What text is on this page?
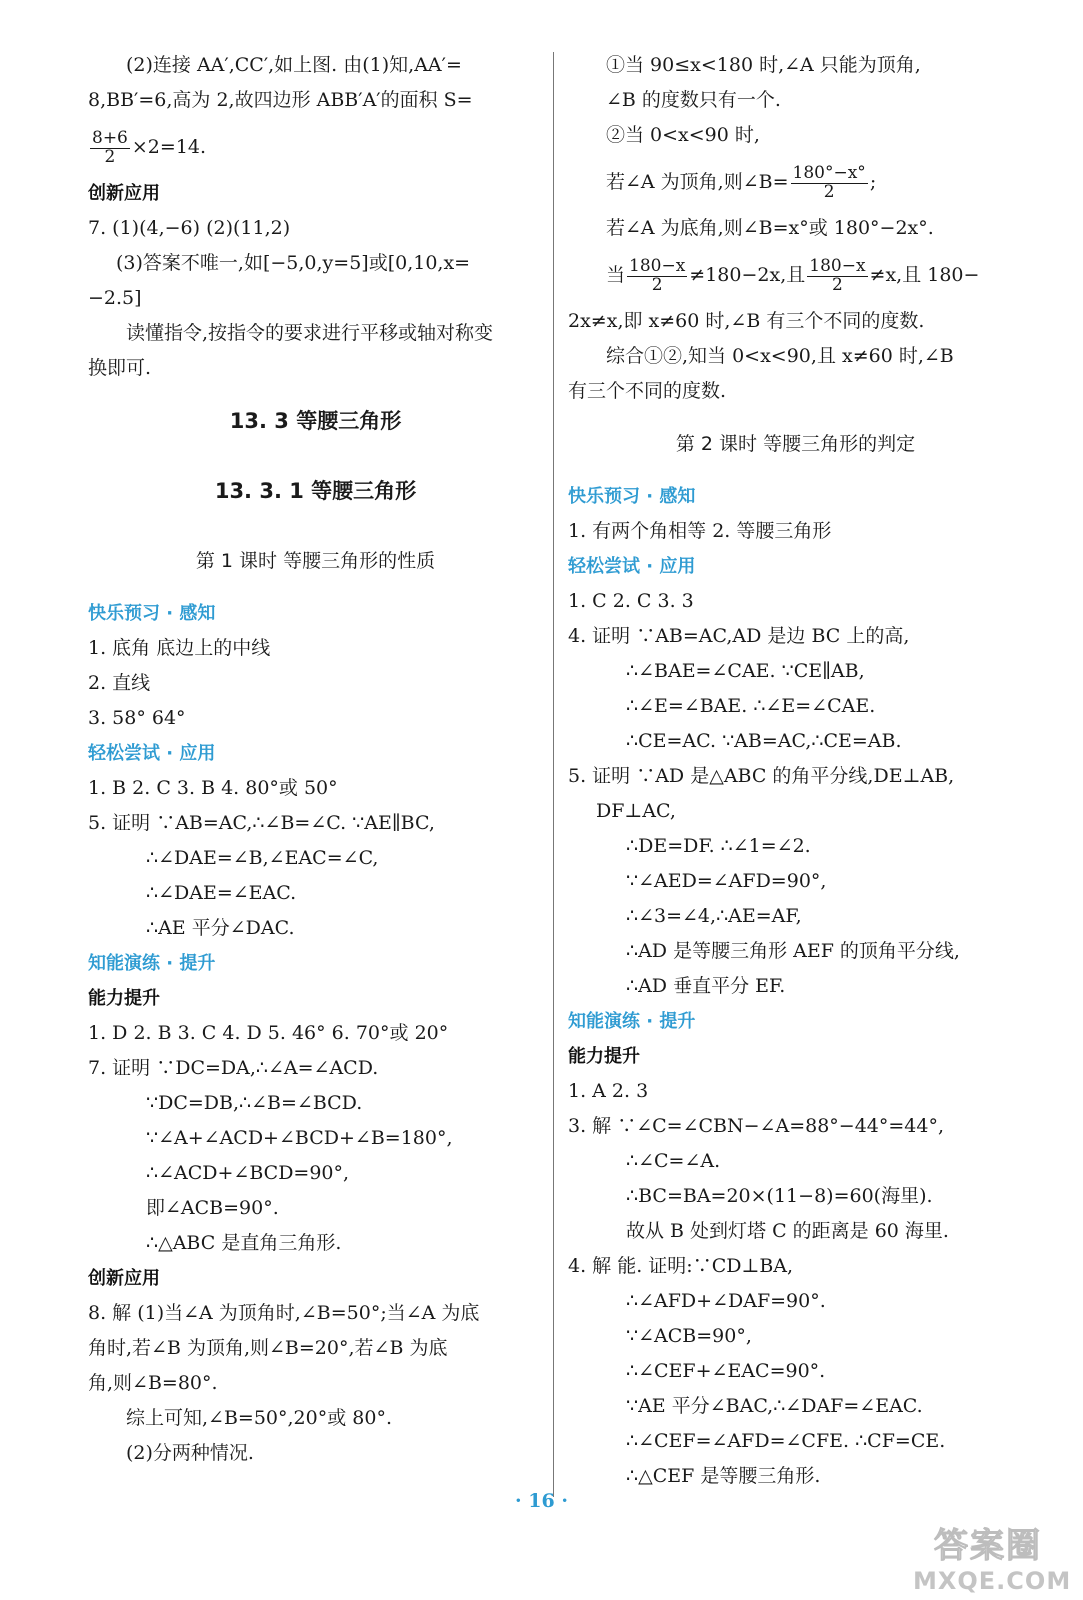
(2)连接 AA′,CC′,如上图. 由(1)知,AA′=
8,BB′=6,高为 2,故四边形 ABB′A′的面积 S=
$\frac{8+6}{2} \times 2=14$.
创新应用
7. (1)(4,−6) (2)(11,2)
(3)答案不唯一,如[−5,0,y=5]或[0,10,x=
−2.5]
读懂指令,按指令的要求进行平移或轴对称变
换即可.
13. 3 等腰三角形
13. 3. 1 等腰三角形
第 1 课时 等腰三角形的性质
快乐预习 · 感知
1. 底角 底边上的中线
2. 直线
3. 58° 64°
轻松尝试 · 应用
1. B 2. C 3. B 4. 80°或 50°
5. 证明 ∵AB=AC,∴∠B=∠C. ∵AE∥BC,
∴∠DAE=∠B,∠EAC=∠C,
∴∠DAE=∠EAC.
∴AE 平分∠DAC.
知能演练 · 提升
能力提升
1. D 2. B 3. C 4. D 5. 46° 6. 70°或 20°
7. 证明 ∵DC=DA,∴∠A=∠ACD.
∵DC=DB,∴∠B=∠BCD.
∵∠A+∠ACD+∠BCD+∠B=180°,
∴∠ACD+∠BCD=90°,
即∠ACB=90°.
∴△ABC 是直角三角形.
创新应用
8. 解 (1)当∠A 为顶角时,∠B=50°;当∠A 为底
角时,若∠B 为顶角,则∠B=20°,若∠B 为底
角,则∠B=80°.
综上可知,∠B=50°,20°或 80°.
(2)分两种情况.
①当 90≤x<180 时,∠A 只能为顶角,
∠B 的度数只有一个.
②当 0<x<90 时,
若∠A 为顶角,则∠B= $\frac{180^\circ-x^\circ}{2}$ ;
若∠A 为底角,则∠B=x°或 180°−2x°.
当 $\frac{180-x}{2} \ne 180-2x$,且 $\frac{180-x}{2} \ne x$,且 180−
2x≠x,即 x≠60 时,∠B 有三个不同的度数.
综合①②,知当 0<x<90,且 x≠60 时,∠B
有三个不同的度数.
第 2 课时 等腰三角形的判定
快乐预习 · 感知
1. 有两个角相等 2. 等腰三角形
轻松尝试 · 应用
1. C 2. C 3. 3
4. 证明 ∵AB=AC,AD 是边 BC 上的高,
∴∠BAE=∠CAE. ∵CE∥AB,
∴∠E=∠BAE. ∴∠E=∠CAE.
∴CE=AC. ∵AB=AC,∴CE=AB.
5. 证明 ∵AD 是△ABC 的角平分线,DE⊥AB,
DF⊥AC,
∴DE=DF. ∴∠1=∠2.
∵∠AED=∠AFD=90°,
∴∠3=∠4,∴AE=AF,
∴AD 是等腰三角形 AEF 的顶角平分线,
∴AD 垂直平分 EF.
知能演练 · 提升
能力提升
1. A 2. 3
3. 解 ∵∠C=∠CBN−∠A=88°−44°=44°,
∴∠C=∠A.
∴BC=BA=20×(11−8)=60(海里).
故从 B 处到灯塔 C 的距离是 60 海里.
4. 解 能. 证明:∵CD⊥BA,
∴∠AFD+∠DAF=90°.
∵∠ACB=90°,
∴∠CEF+∠EAC=90°.
∵AE 平分∠BAC,∴∠DAF=∠EAC.
∴∠CEF=∠AFD=∠CFE. ∴CF=CE.
∴△CEF 是等腰三角形.
· 16 ·
答案圈
MXQE.COM
